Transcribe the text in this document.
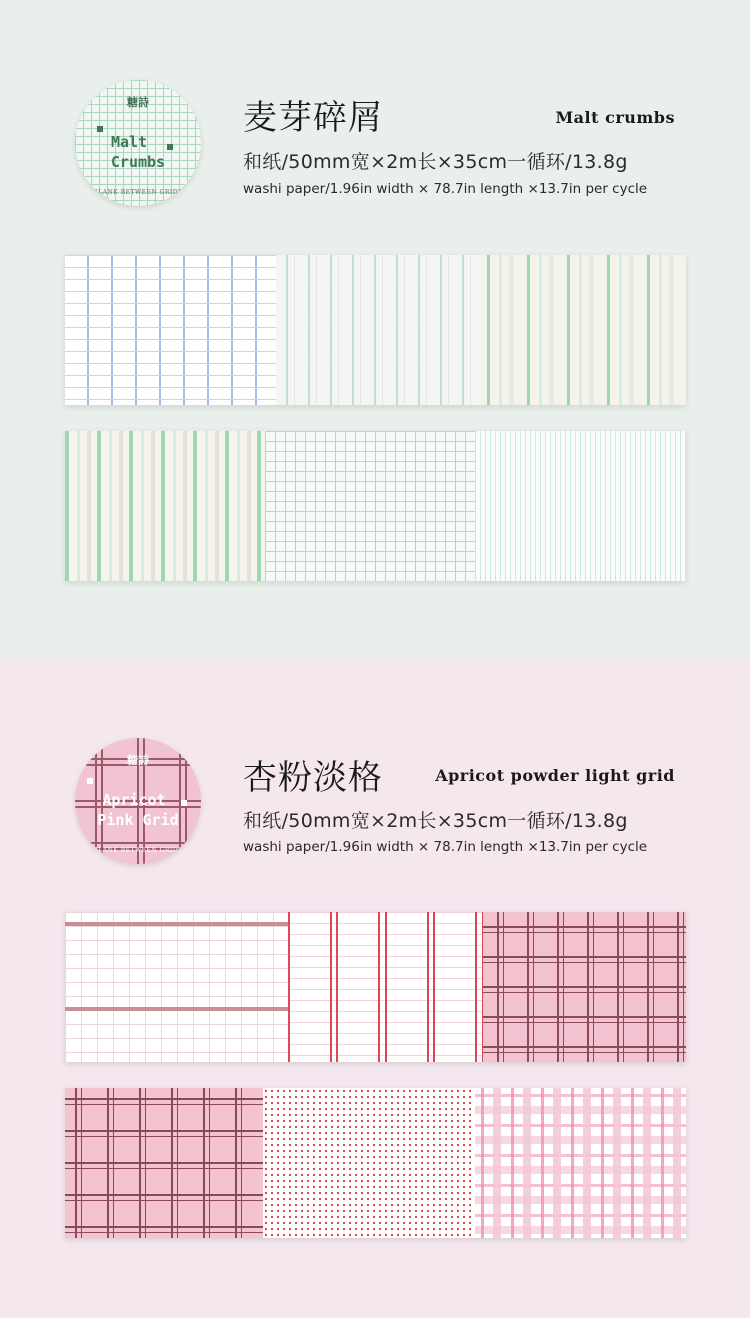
糖詩
Malt
Crumbs
BLANK BETWEEN GRIDS
麦芽碎屑	Malt crumbs
和纸/50mm宽×2m长×35cm一循环/13.8g
washi paper/1.96in width × 78.7in length ×13.7in per cycle
糖詩
Apricot
Pink Grid
BLANK BETWEEN GRIDS
杏粉淡格	Apricot powder light grid
和纸/50mm宽×2m长×35cm一循环/13.8g
washi paper/1.96in width × 78.7in length ×13.7in per cycle
